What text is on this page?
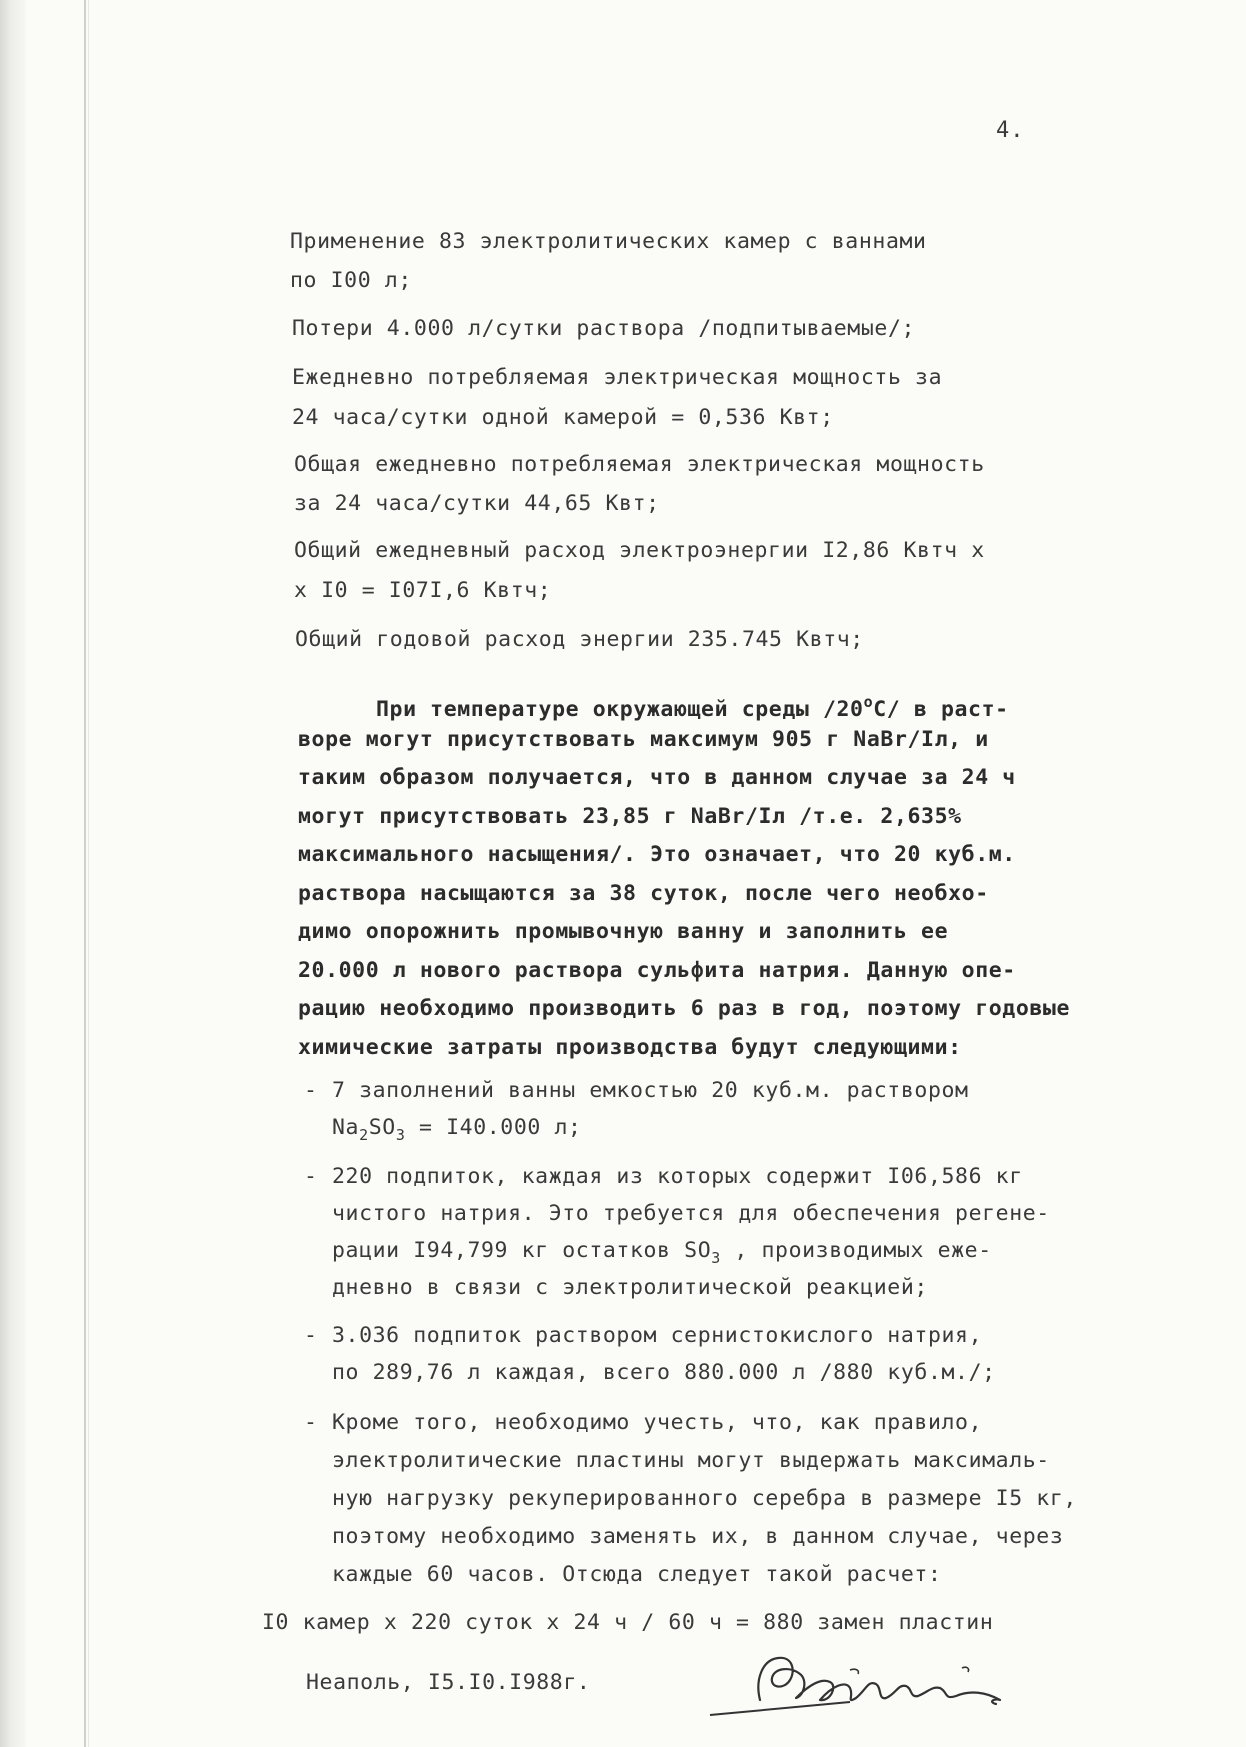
4.
Применение 83 электролитических камер с ваннами
по I00 л;
Потери 4.000 л/сутки раствора /подпитываемые/;
Ежедневно потребляемая электрическая мощность за
24 часа/сутки одной камерой = 0,536 Квт;
Общая ежедневно потребляемая электрическая мощность
за 24 часа/сутки 44,65 Квт;
Общий ежедневный расход электроэнергии I2,86 Квтч х
х I0 = I07I,6 Квтч;
Общий годовой расход энергии 235.745 Квтч;
При температуре окружающей среды /20$^o$C/ в раст-
воре могут присутствовать максимум 905 г NaBr/Iл, и
таким образом получается, что в данном случае за 24 ч
могут присутствовать 23,85 г NaBr/Iл /т.е. 2,635%
максимального насыщения/. Это означает, что 20 куб.м.
раствора насыщаются за 38 суток, после чего необхо-
димо опорожнить промывочную ванну и заполнить ее
20.000 л нового раствора сульфита натрия. Данную опе-
рацию необходимо производить 6 раз в год, поэтому годовые
химические затраты производства будут следующими:
- 7 заполнений ванны емкостью 20 куб.м. раствором
$Na_2SO_3 = I40.000$ л;
- 220 подпиток, каждая из которых содержит I06,586 кг
чистого натрия. Это требуется для обеспечения регене-
рации I94,799 кг остатков $SO_3$ , производимых еже-
дневно в связи с электролитической реакцией;
- 3.036 подпиток раствором сернистокислого натрия,
по 289,76 л каждая, всего 880.000 л /880 куб.м./;
- Кроме того, необходимо учесть, что, как правило,
электролитические пластины могут выдержать максималь-
ную нагрузку рекуперированного серебра в размере I5 кг,
поэтому необходимо заменять их, в данном случае, через
каждые 60 часов. Отсюда следует такой расчет:
I0 камер х 220 суток х 24 ч / 60 ч = 880 замен пластин
Неаполь, I5.I0.I988г.
